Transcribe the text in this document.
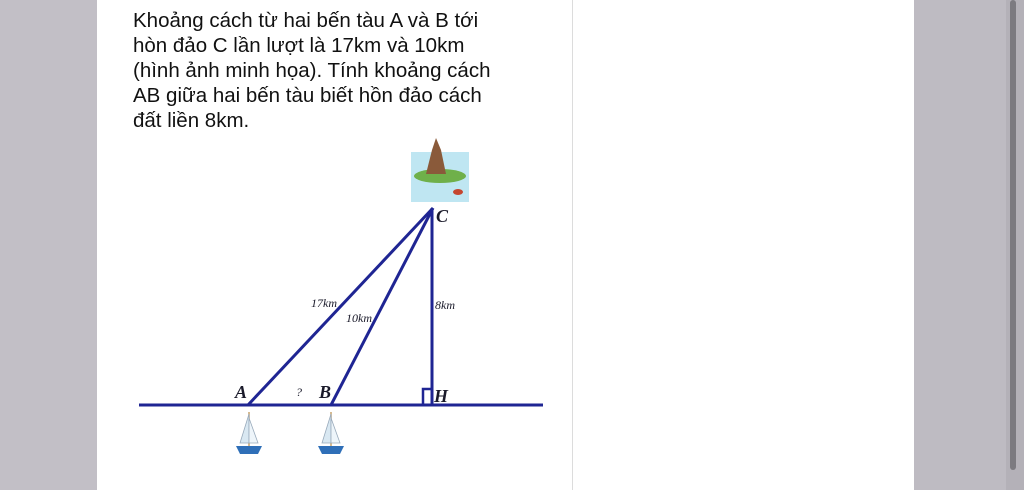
Khoảng cách từ hai bến tàu A và B tới
hòn đảo C lần lượt là 17km và 10km
(hình ảnh minh họa). Tính khoảng cách
AB giữa hai bến tàu biết hồn đảo cách
đất liền 8km.
C
A	B	H
17km
10km
8km
?
